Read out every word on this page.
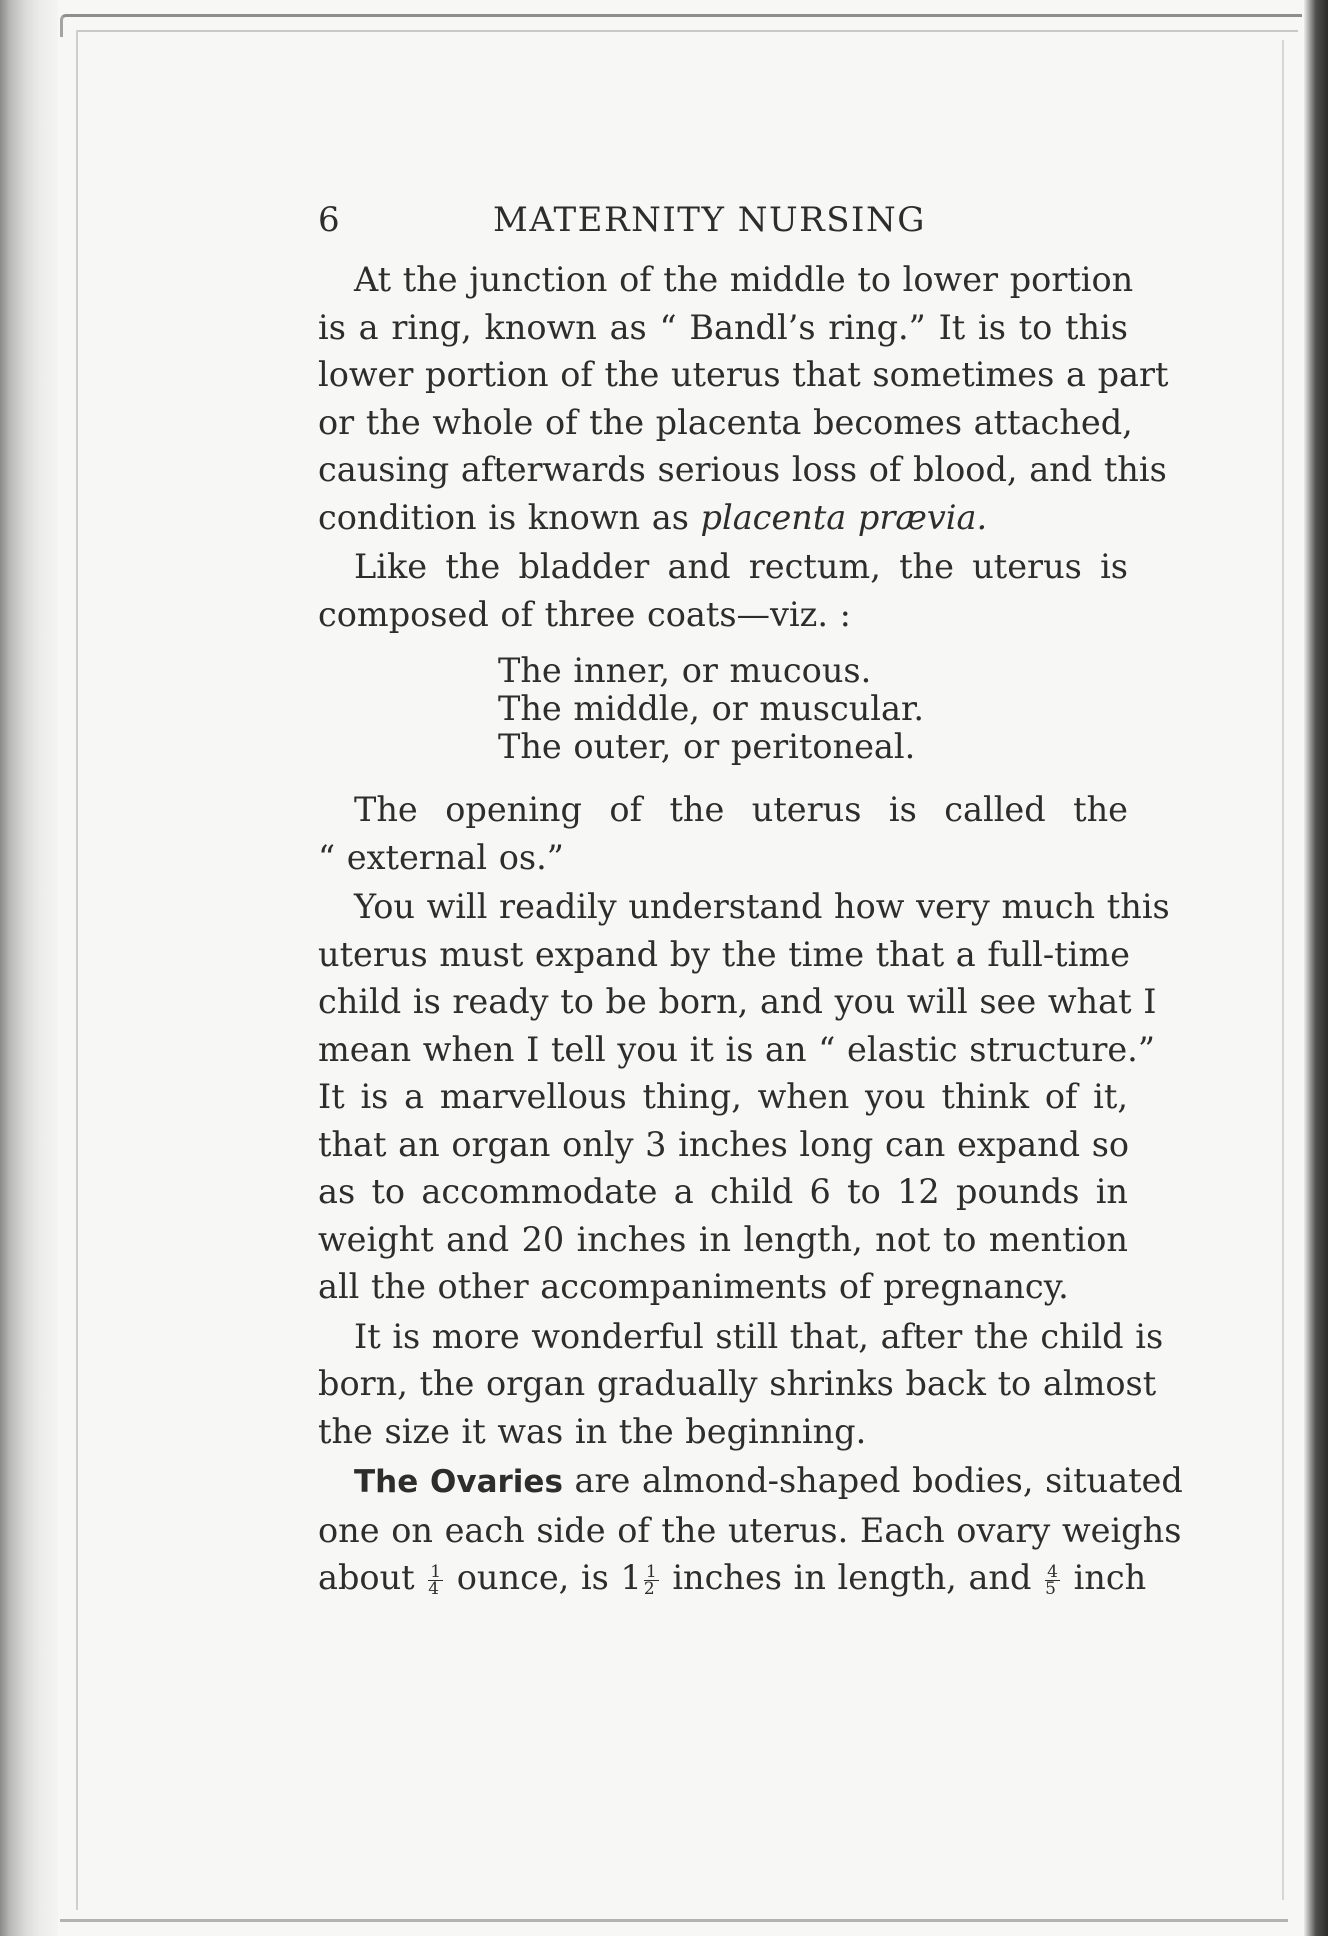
6	MATERNITY NURSING
At the junction of the middle to lower portion
is a ring, known as “ Bandl’s ring.” It is to this
lower portion of the uterus that sometimes a part
or the whole of the placenta becomes attached,
causing afterwards serious loss of blood, and this
condition is known as placenta prævia.
Like the bladder and rectum, the uterus is
composed of three coats—viz. :
The inner, or mucous.
The middle, or muscular.
The outer, or peritoneal.
The opening of the uterus is called the
“ external os.”
You will readily understand how very much this
uterus must expand by the time that a full-time
child is ready to be born, and you will see what I
mean when I tell you it is an “ elastic structure.”
It is a marvellous thing, when you think of it,
that an organ only 3 inches long can expand so
as to accommodate a child 6 to 12 pounds in
weight and 20 inches in length, not to mention
all the other accompaniments of pregnancy.
It is more wonderful still that, after the child is
born, the organ gradually shrinks back to almost
the size it was in the beginning.
The Ovaries are almond-shaped bodies, situated
one on each side of the uterus. Each ovary weighs
about $\frac{1}{4}$ ounce, is $1 \frac{1}{2}$ inches in length, and $\frac{4}{5}$ inch
